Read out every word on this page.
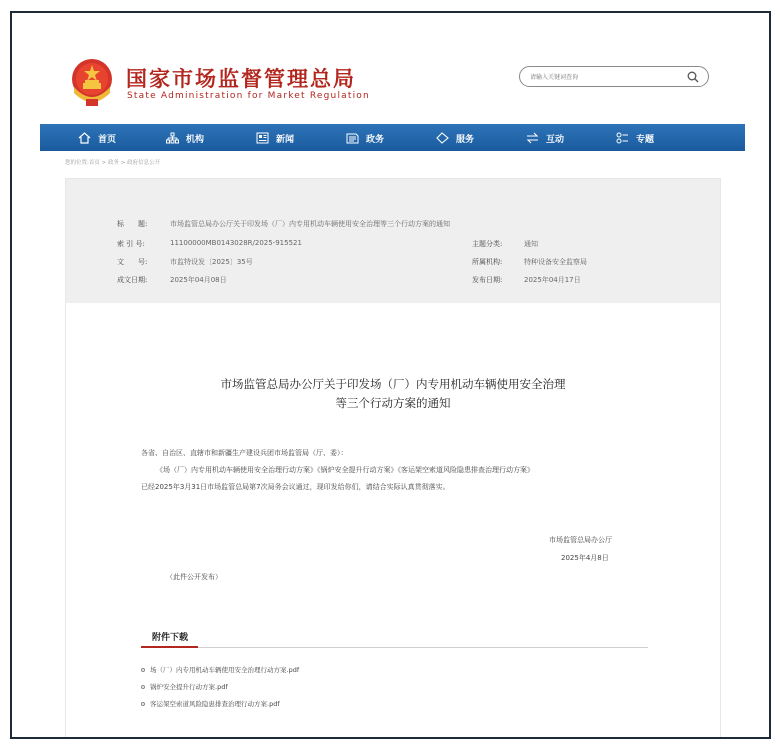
国家市场监督管理总局
State Administration for Market Regulation
请输入关键词查询
首页	机构	新闻	政务	服务	互动	专题
您的位置:首页 > 政务 > 政府信息公开
标　　题:	市场监管总局办公厅关于印发场（厂）内专用机动车辆使用安全治理等三个行动方案的通知
索 引 号:	11100000MB0143028R/2025-915521
文　　号:	市监特设发〔2025〕35号
成文日期:	2025年04月08日
主题分类:	通知
所属机构:	特种设备安全监察局
发布日期:	2025年04月17日
市场监管总局办公厅关于印发场（厂）内专用机动车辆使用安全治理
等三个行动方案的通知
各省、自治区、直辖市和新疆生产建设兵团市场监管局（厅、委）：
《场（厂）内专用机动车辆使用安全治理行动方案》《锅炉安全提升行动方案》《客运架空索道风险隐患排查治理行动方案》
已经2025年3月31日市场监管总局第7次局务会议通过，现印发给你们，请结合实际认真贯彻落实。
市场监管总局办公厅
2025年4月8日
（此件公开发布）
附件下载
场（厂）内专用机动车辆使用安全治理行动方案.pdf
锅炉安全提升行动方案.pdf
客运架空索道风险隐患排查治理行动方案.pdf
